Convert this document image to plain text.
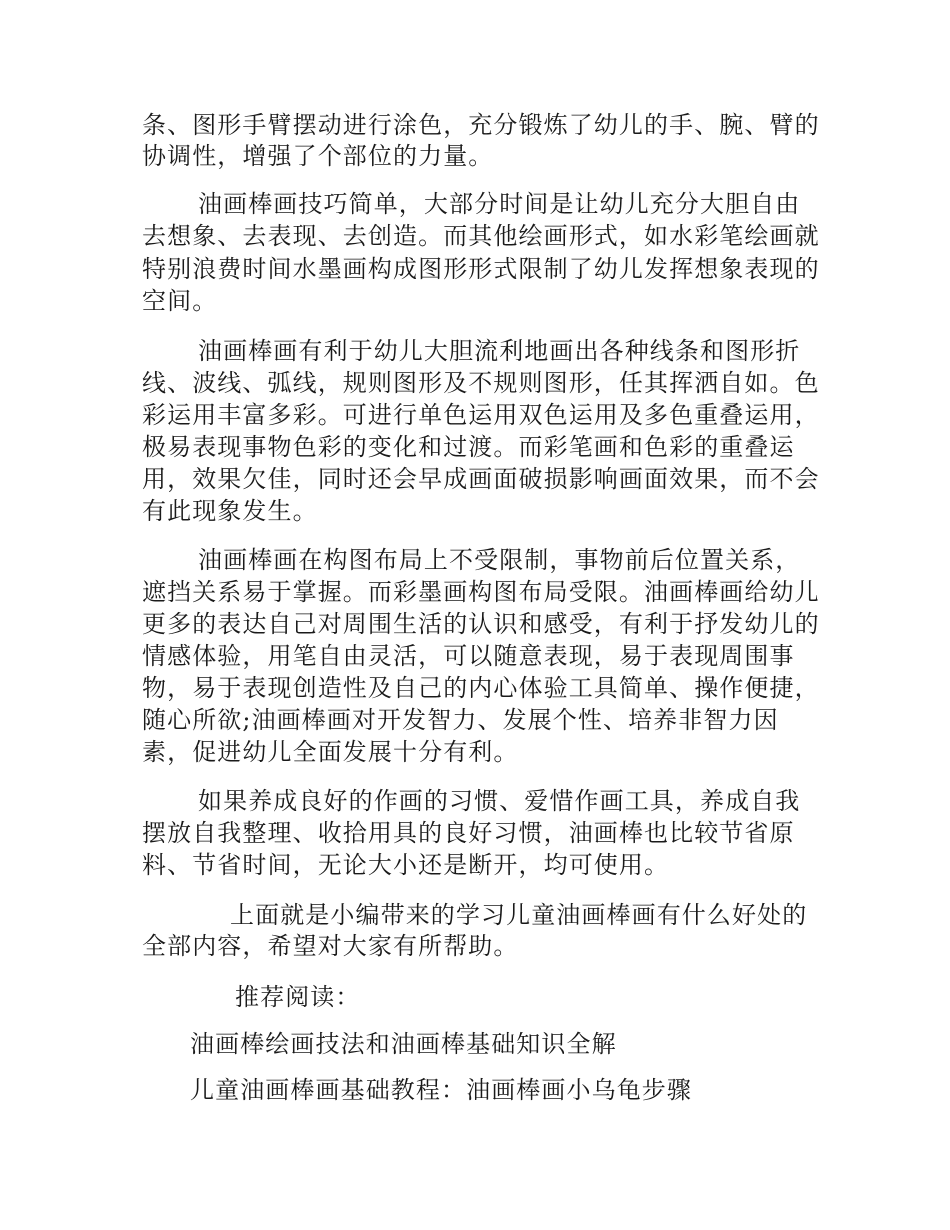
条、图形手臂摆动进行涂色，充分锻炼了幼儿的手、腕、臂的
协调性，增强了个部位的力量。
油画棒画技巧简单，大部分时间是让幼儿充分大胆自由
去想象、去表现、去创造。而其他绘画形式，如水彩笔绘画就
特别浪费时间水墨画构成图形形式限制了幼儿发挥想象表现的
空间。
油画棒画有利于幼儿大胆流利地画出各种线条和图形折
线、波线、弧线，规则图形及不规则图形，任其挥洒自如。色
彩运用丰富多彩。可进行单色运用双色运用及多色重叠运用，
极易表现事物色彩的变化和过渡。而彩笔画和色彩的重叠运
用，效果欠佳，同时还会早成画面破损影响画面效果，而不会
有此现象发生。
油画棒画在构图布局上不受限制，事物前后位置关系，
遮挡关系易于掌握。而彩墨画构图布局受限。油画棒画给幼儿
更多的表达自己对周围生活的认识和感受，有利于抒发幼儿的
情感体验，用笔自由灵活，可以随意表现，易于表现周围事
物，易于表现创造性及自己的内心体验工具简单、操作便捷，
随心所欲;油画棒画对开发智力、发展个性、培养非智力因
素，促进幼儿全面发展十分有利。
如果养成良好的作画的习惯、爱惜作画工具，养成自我
摆放自我整理、收拾用具的良好习惯，油画棒也比较节省原
料、节省时间，无论大小还是断开，均可使用。
上面就是小编带来的学习儿童油画棒画有什么好处的
全部内容，希望对大家有所帮助。
推荐阅读：
油画棒绘画技法和油画棒基础知识全解
儿童油画棒画基础教程：油画棒画小乌龟步骤
